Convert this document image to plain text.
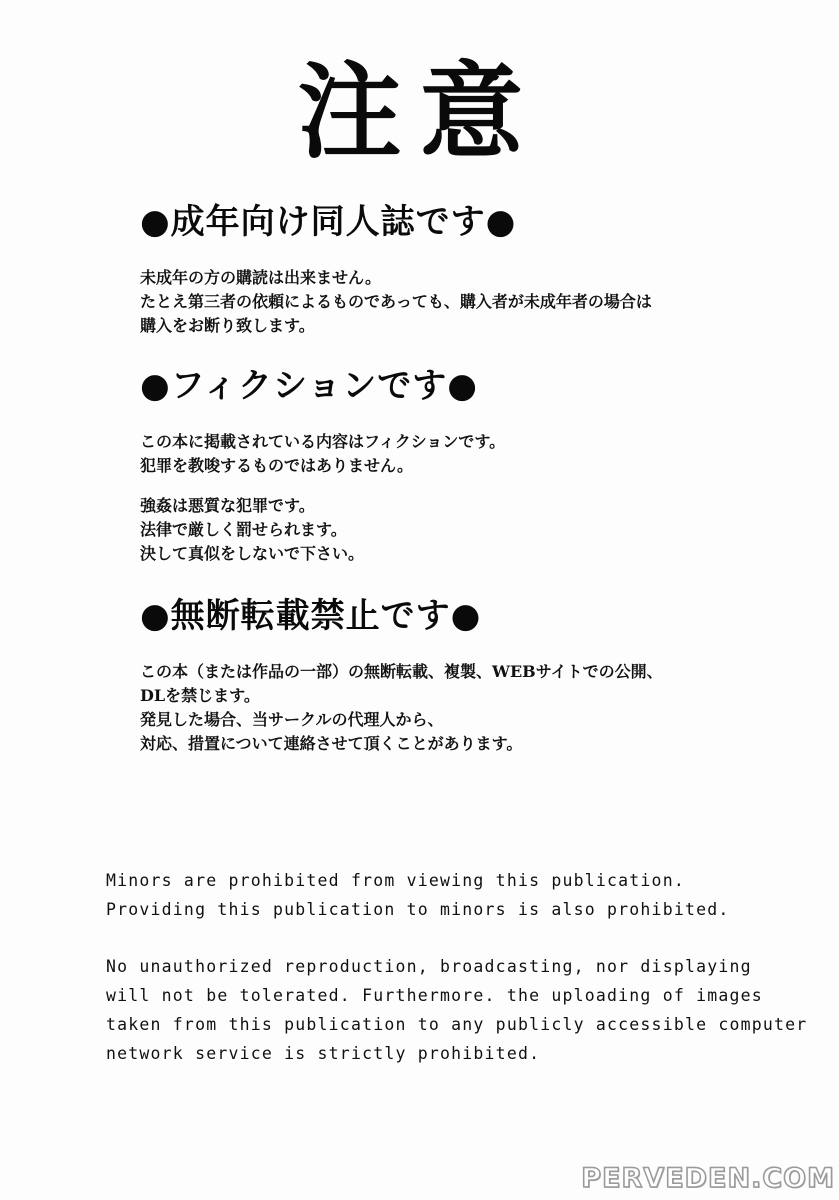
注意
●成年向け同人誌です●
未成年の方の購読は出来ません。
たとえ第三者の依頼によるものであっても、購入者が未成年者の場合は
購入をお断り致します。
●フィクションです●
この本に掲載されている内容はフィクションです。
犯罪を教唆するものではありません。
強姦は悪質な犯罪です。
法律で厳しく罰せられます。
決して真似をしないで下さい。
●無断転載禁止です●
この本（または作品の一部）の無断転載、複製、WEBサイトでの公開、
DLを禁じます。
発見した場合、当サークルの代理人から、
対応、措置について連絡させて頂くことがあります。
Minors are prohibited from viewing this publication.
Providing this publication to minors is also prohibited.
No unauthorized reproduction, broadcasting, nor displaying
will not be tolerated. Furthermore. the uploading of images
taken from this publication to any publicly accessible computer
network service is strictly prohibited.
PERVEDEN.COM
